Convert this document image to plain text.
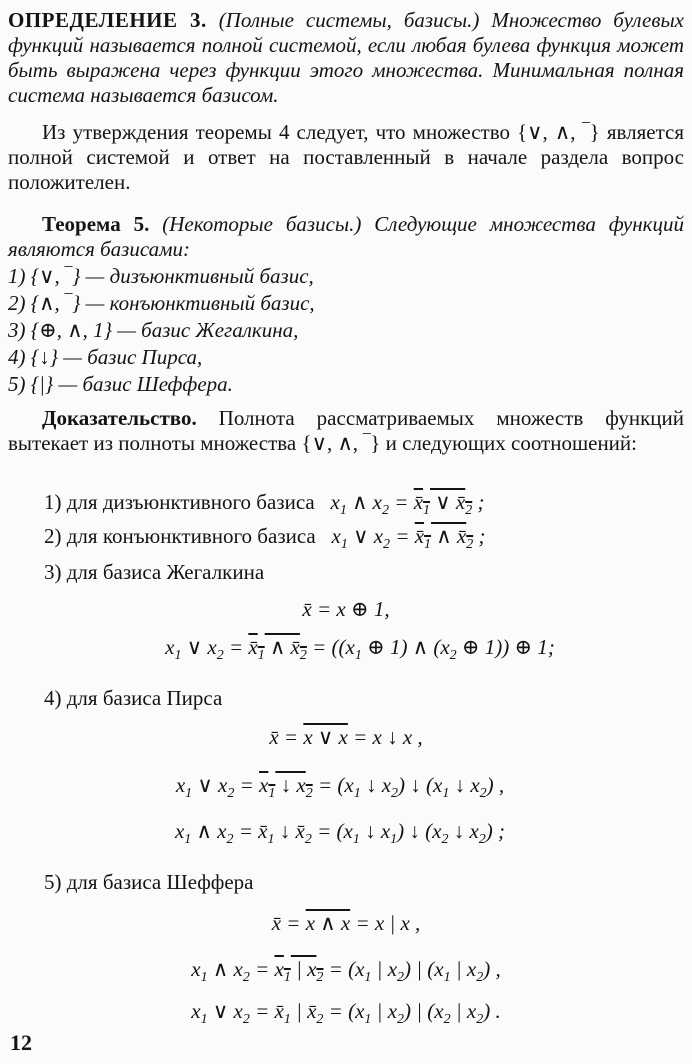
ОПРЕДЕЛЕНИЕ 3. (Полные системы, базисы.) Множество булевых функций называется полной системой, если любая булева функция может быть выражена через функции этого множества. Минимальная полная система называется базисом.
Из утверждения теоремы 4 следует, что множество {∨, ∧, ‾} является полной системой и ответ на поставленный в начале раздела вопрос положителен.
Теорема 5. (Некоторые базисы.) Следующие множества функций являются базисами:
1) {∨, ‾} — дизъюнктивный базис,
2) {∧, ‾} — конъюнктивный базис,
3) {⊕, ∧, 1} — базис Жегалкина,
4) {↓} — базис Пирса,
5) {|} — базис Шеффера.
Доказательство. Полнота рассматриваемых множеств функций вытекает из полноты множества {∨, ∧, ‾} и следующих соотношений:
1) для дизъюнктивного базиса   $x_1$ ∧ $x_2$ = $x̄_1$ ∨ $x̄_2$ ;
2) для конъюнктивного базиса   $x_1$ ∨ $x_2$ = $x̄_1$ ∧ $x̄_2$ ;
3) для базиса Жегалкина
x̄ = x ⊕ 1,
$x_1$ ∨ $x_2$ = $x̄_1$ ∧ $x̄_2 = ((x_1$ ⊕ 1) ∧ ($x_2$ ⊕ 1)) ⊕ 1;
4) для базиса Пирса
x̄ = x ∨ x = x ↓ x ,
$x_1$ ∨ $x_2 = x_1$ ↓ $x_2 = (x_1$ ↓ $x_2$) ↓ ($x_1$ ↓ $x_2$) ,
$x_1$ ∧ $x_2$ = $x̄_1$ ↓ $x̄_2 = (x_1$ ↓ $x_1$) ↓ ($x_2$ ↓ $x_2$) ;
5) для базиса Шеффера
x̄ = x ∧ x = x | x ,
$x_1$ ∧ $x_2 = x_1$ | $x_2 = (x_1$ | $x_2$) | ($x_1$ | $x_2$) ,
$x_1$ ∨ $x_2$ = $x̄_1$ | $x̄_2 = (x_1$ | $x_2$) | ($x_2$ | $x_2$) .
12
